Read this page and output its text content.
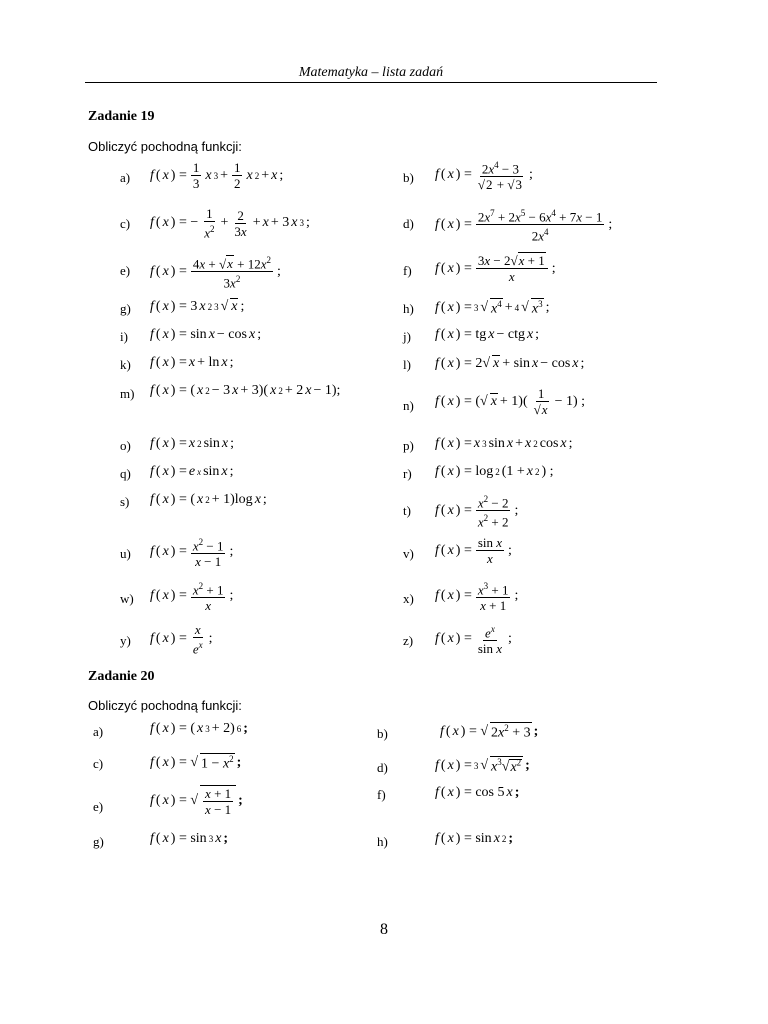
Matematyka – lista zadań
Zadanie 19
Obliczyć pochodną funkcji:
a) f ( x ) = $\frac{1}{3}$ x $3 + \frac{1}{2}$ x 2 + x ;	b) f ( x ) = $\frac{2x^4 - 3}{√2 + √3}$ ;
c) f ( x ) = − $\frac{1}{x^2} + \frac{2}{3x} + x + 3$ x 3 ;	d) f ( x ) = $\frac{2x^7 + 2x^5 - 6x^4 + 7x - 1}{2x^4}$ ;
e) f ( x ) = $\frac{4x + √x + 12x^2}{3x^2}$ ;	f) f ( x ) = $\frac{3x - 2√x + 1}{x}$ ;
g) f ( x ) = 3 x 2 3 √ x ;	h) f ( x ) = 3 √ $x^4 + 4$ √ $x^3$ ;
i) f ( x ) = sin x − cos x ;	j) f ( x ) = tg x − ctg x ;
k) f ( x ) = x + ln x ;	l) f ( x ) = 2√ x + sin x − cos x ;
m) f ( x ) = ( x 2 − 3 x + 3)( x 2 + 2 x − 1);
n) f ( x ) = (√ $x + 1)( \frac{1}{√x} - 1)$ ;
o) f ( x ) = x 2 sin x ;	p) f ( x ) = x 3 sin x + x 2 cos x ;
q) f ( x ) = e x sin x ;	r) f ( x ) = log 2 (1 + x 2 ) ;
s) f ( x ) = ( x 2 + 1)log x ;
t) f ( x ) = $\frac{x^2 - 2}{x^2 + 2}$ ;
u) f ( x ) = $\frac{x^2 - 1}{x - 1}$ ;	v) f ( x ) = $\frac{\text{sin x}}{x}$ ;
w) f ( x ) = $\frac{x^2 + 1}{x}$ ;	x) f ( x ) = $\frac{x^3 + 1}{x + 1}$ ;
y) f ( x ) = $\frac{x}{e^x}$ ;	z) f ( x ) = $\frac{e^x}{\text{sin x}}$ ;
Zadanie 20
Obliczyć pochodną funkcji:
a)	f ( x ) = ( x 3 + 2) 6 ;	b)	f ( x ) = √ $2x^2 + 3$ ;
c)	f ( x ) = √ $1 - x^2$ ;	d)	f ( x ) = 3 √ $x^3√x^2$ ;
e)	f ( x ) = √ $\frac{x + 1}{x - 1}$ ;	f)	f ( x ) = cos 5 x ;
g)	f ( x ) = sin 3 x ;	h)	f ( x ) = sin x 2 ;
8
